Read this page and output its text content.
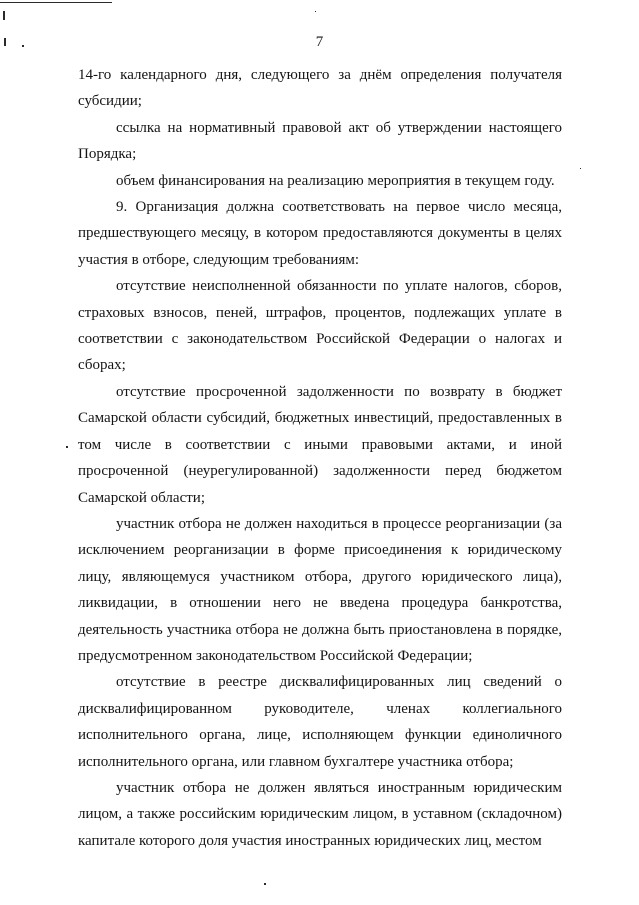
7

14-го календарного дня, следующего за днём определения получателя субсидии;

ссылка на нормативный правовой акт об утверждении настоящего Порядка;

объем финансирования на реализацию мероприятия в текущем году.

9. Организация должна соответствовать на первое число месяца, предшествующего месяцу, в котором предоставляются документы в целях участия в отборе, следующим требованиям:

отсутствие неисполненной обязанности по уплате налогов, сборов, страховых взносов, пеней, штрафов, процентов, подлежащих уплате в соответствии с законодательством Российской Федерации о налогах и сборах;

отсутствие просроченной задолженности по возврату в бюджет Самарской области субсидий, бюджетных инвестиций, предоставленных в том числе в соответствии с иными правовыми актами, и иной просроченной (неурегулированной) задолженности перед бюджетом Самарской области;

участник отбора не должен находиться в процессе реорганизации (за исключением реорганизации в форме присоединения к юридическому лицу, являющемуся участником отбора, другого юридического лица), ликвидации, в отношении него не введена процедура банкротства, деятельность участника отбора не должна быть приостановлена в порядке, предусмотренном законодательством Российской Федерации;

отсутствие в реестре дисквалифицированных лиц сведений о дисквалифицированном руководителе, членах коллегиального исполнительного органа, лице, исполняющем функции единоличного исполнительного органа, или главном бухгалтере участника отбора;

участник отбора не должен являться иностранным юридическим лицом, а также российским юридическим лицом, в уставном (складочном) капитале которого доля участия иностранных юридических лиц, местом
